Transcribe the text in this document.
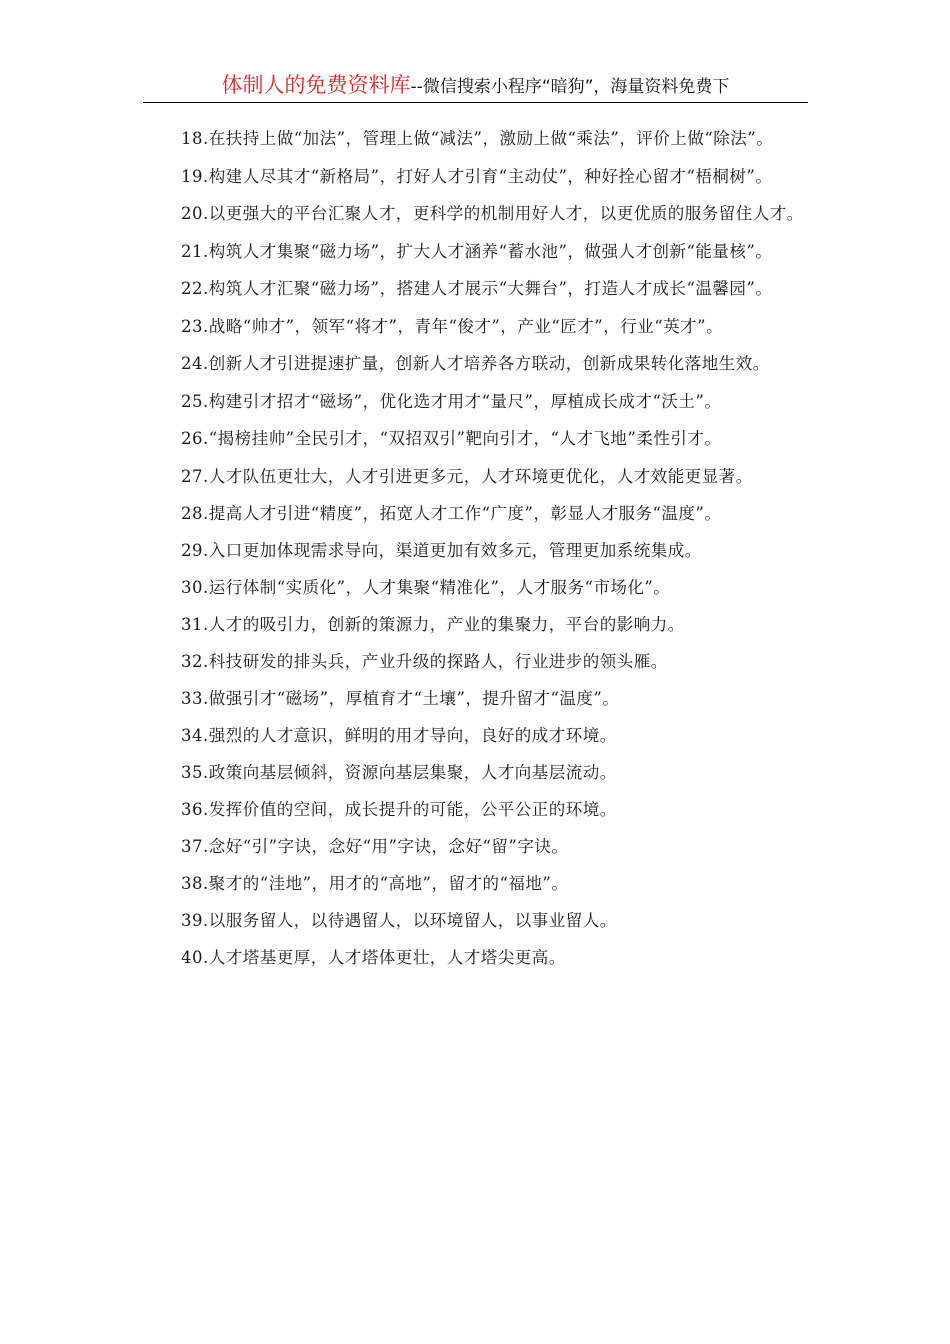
体制人的免费资料库--微信搜索小程序“暗狗”，海量资料免费下

18.在扶持上做“加法”，管理上做“减法”，激励上做“乘法”，评价上做“除法”。

19.构建人尽其才“新格局”，打好人才引育“主动仗”，种好拴心留才“梧桐树”。

20.以更强大的平台汇聚人才，更科学的机制用好人才，以更优质的服务留住人才。

21.构筑人才集聚“磁力场”，扩大人才涵养“蓄水池”，做强人才创新“能量核”。

22.构筑人才汇聚“磁力场”，搭建人才展示“大舞台”，打造人才成长“温馨园”。

23.战略“帅才”，领军“将才”，青年“俊才”，产业“匠才”，行业“英才”。

24.创新人才引进提速扩量，创新人才培养各方联动，创新成果转化落地生效。

25.构建引才招才“磁场”，优化选才用才“量尺”，厚植成长成才“沃土”。

26.“揭榜挂帅”全民引才，“双招双引”靶向引才，“人才飞地”柔性引才。

27.人才队伍更壮大，人才引进更多元，人才环境更优化，人才效能更显著。

28.提高人才引进“精度”，拓宽人才工作“广度”，彰显人才服务“温度”。

29.入口更加体现需求导向，渠道更加有效多元，管理更加系统集成。

30.运行体制“实质化”，人才集聚“精准化”，人才服务“市场化”。

31.人才的吸引力，创新的策源力，产业的集聚力，平台的影响力。

32.科技研发的排头兵，产业升级的探路人，行业进步的领头雁。

33.做强引才“磁场”，厚植育才“土壤”，提升留才“温度”。

34.强烈的人才意识，鲜明的用才导向，良好的成才环境。

35.政策向基层倾斜，资源向基层集聚，人才向基层流动。

36.发挥价值的空间，成长提升的可能，公平公正的环境。

37.念好“引”字诀，念好“用”字诀，念好“留”字诀。

38.聚才的“洼地”，用才的“高地”，留才的“福地”。

39.以服务留人，以待遇留人，以环境留人，以事业留人。

40.人才塔基更厚，人才塔体更壮，人才塔尖更高。
